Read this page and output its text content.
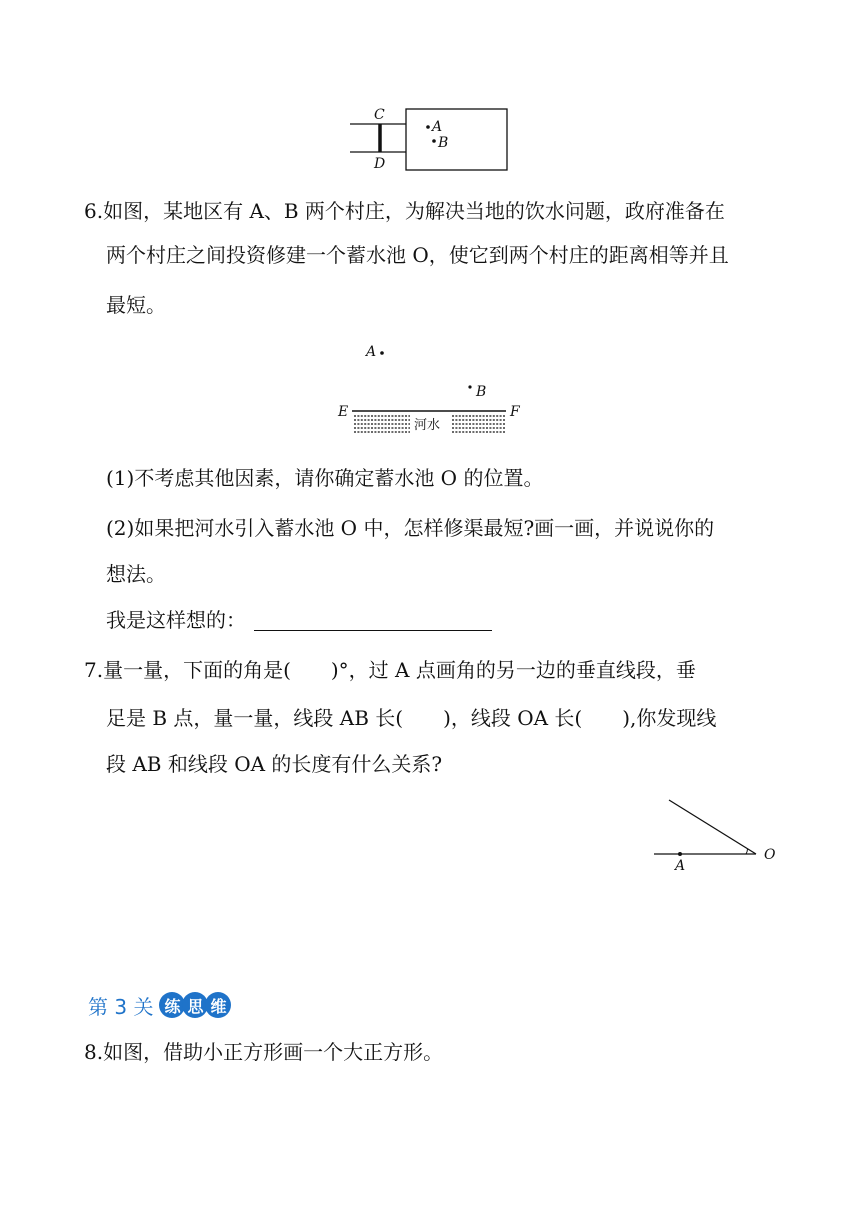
C
D
A
B
6.如图，某地区有 A、B 两个村庄，为解决当地的饮水问题，政府准备在
两个村庄之间投资修建一个蓄水池 O，使它到两个村庄的距离相等并且
最短。
A
B
E	F
河水
(1)不考虑其他因素，请你确定蓄水池 O 的位置。
(2)如果把河水引入蓄水池 O 中，怎样修渠最短?画一画，并说说你的
想法。
我是这样想的：
7.量一量，下面的角是(　　)°，过 A 点画角的另一边的垂直线段，垂
足是 B 点，量一量，线段 AB 长(　　)，线段 OA 长(　　),你发现线
段 AB 和线段 OA 的长度有什么关系?
A
O
第 3 关 练 思 维
8.如图，借助小正方形画一个大正方形。
